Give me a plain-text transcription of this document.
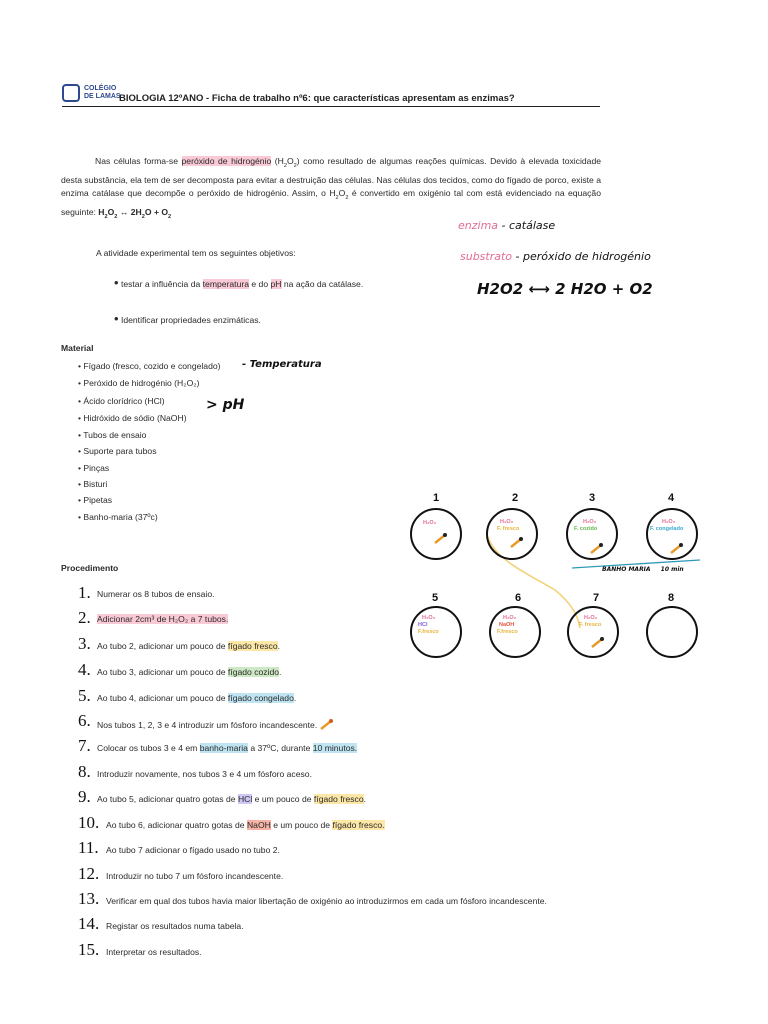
COLÉGIO DE LAMAS
BIOLOGIA 12ºANO - Ficha de trabalho nº6: que características apresentam as enzimas?
Nas células forma-se peróxido de hidrogénio $(H_2O_2)$ como resultado de algumas reações químicas. Devido à elevada toxicidade desta substância, ela tem de ser decomposta para evitar a destruição das células. Nas células dos tecidos, como do fígado de porco, existe a enzima catálase que decompõe o peróxido de hidrogénio. Assim, o $H_2O_2$ é convertido em oxigénio tal com está evidenciado na equação seguinte: $H_2O_2$ ↔ $2H_2O + O_2$
enzima - catálase
substrato - peróxido de hidrogénio
H2O2 ⟷ 2 H2O + O2
A atividade experimental tem os seguintes objetivos:
• testar a influência da temperatura e do pH na ação da catálase.
• Identificar propriedades enzimáticas.
Material
• Fígado (fresco, cozido e congelado)
• Peróxido de hidrogénio (H₂O₂)
• Ácido clorídrico (HCl)
• Hidróxido de sódio (NaOH)
• Tubos de ensaio
• Suporte para tubos
• Pinças
• Bisturi
• Pipetas
• Banho-maria (37ºc)
- Temperatura
> pH
Procedimento
1. Numerar os 8 tubos de ensaio.
2. Adicionar 2cm³ de H₂O₂ a 7 tubos.
3. Ao tubo 2, adicionar um pouco de fígado fresco.
4. Ao tubo 3, adicionar um pouco de fígado cozido.
5. Ao tubo 4, adicionar um pouco de fígado congelado.
6. Nos tubos 1, 2, 3 e 4 introduzir um fósforo incandescente.
7. Colocar os tubos 3 e 4 em banho-maria a 37ºC, durante 10 minutos.
8. Introduzir novamente, nos tubos 3 e 4 um fósforo aceso.
9. Ao tubo 5, adicionar quatro gotas de HCl e um pouco de fígado fresco.
10. Ao tubo 6, adicionar quatro gotas de NaOH e um pouco de fígado fresco.
11. Ao tubo 7 adicionar o fígado usado no tubo 2.
12. Introduzir no tubo 7 um fósforo incandescente.
13. Verificar em qual dos tubos havia maior libertação de oxigénio ao introduzirmos em cada um fósforo incandescente.
14. Registar os resultados numa tabela.
15. Interpretar os resultados.
1	2	3	4
H₂O₂	H₂O₂
F. fresco
H₂O₂
F. cozido
H₂O₂
F. congelado
BANHO MARIA 10 min
5	6	7	8
H₂O₂
HCl
F.fresco
H₂O₂
NaOH
F.fresco
H₂O₂
F. fresco
